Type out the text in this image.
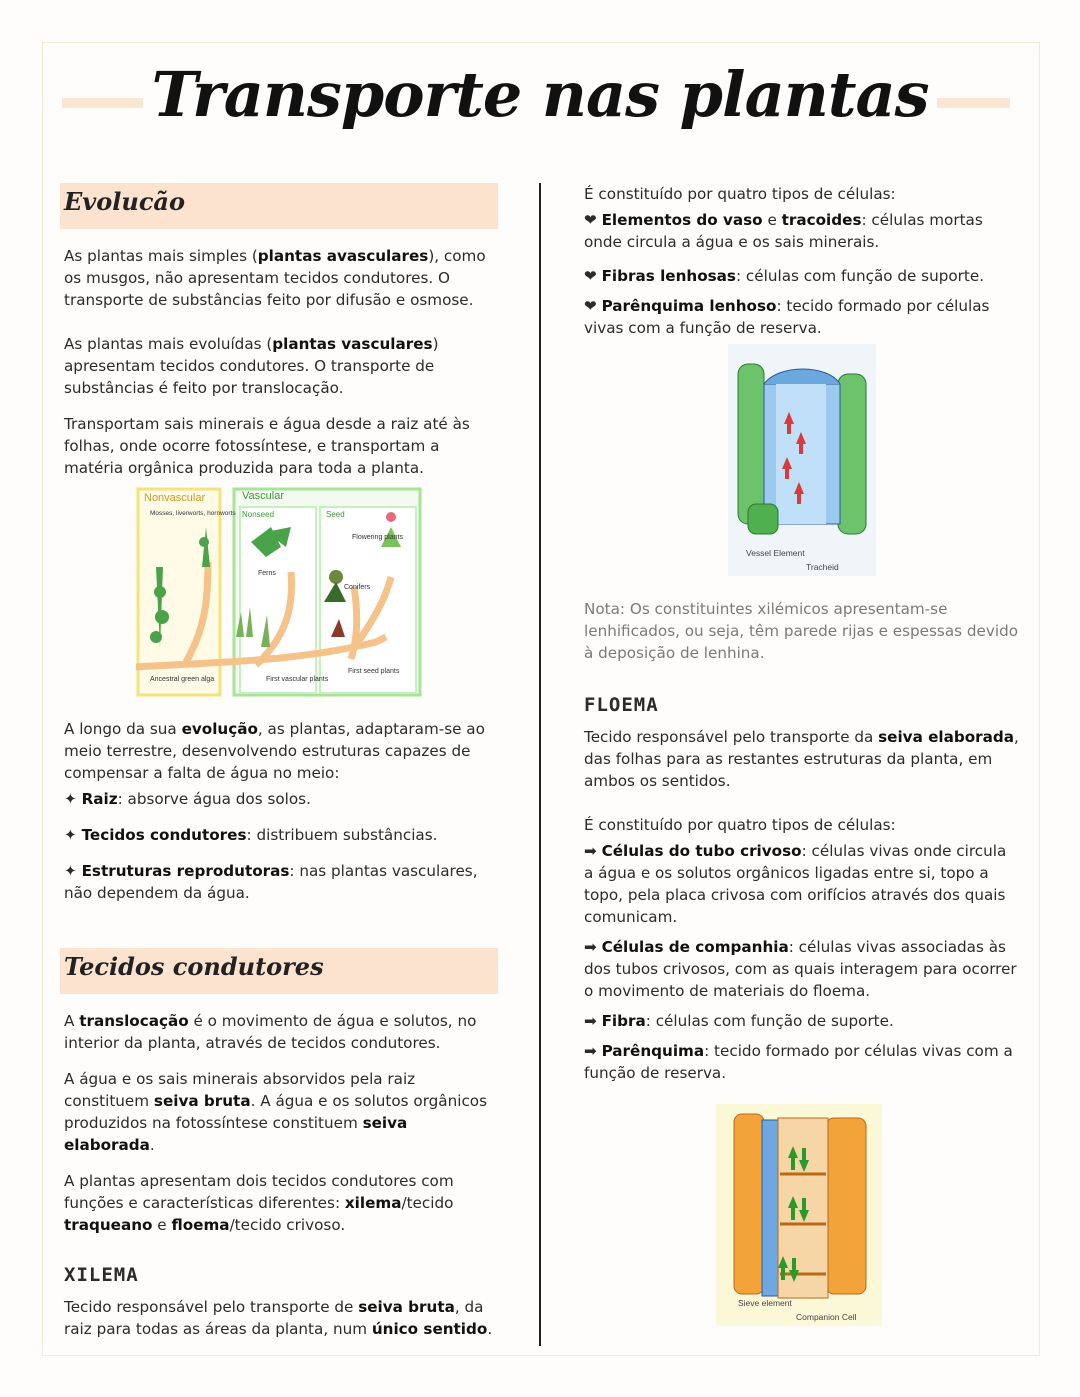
Transporte nas plantas
Evolucão

As plantas mais simples (plantas avasculares), como os musgos, não apresentam tecidos condutores. O transporte de substâncias feito por difusão e osmose.

As plantas mais evoluídas (plantas vasculares) apresentam tecidos condutores. O transporte de substâncias é feito por translocação.

Transportam sais minerais e água desde a raiz até às folhas, onde ocorre fotossíntese, e transportam a matéria orgânica produzida para toda a planta.

Nonvascular	Vascular
Nonseed	Seed
Mosses, liverworts, hornworts
Ferns
Conifers
Flowering plants
Ancestral green alga	First vascular plants
First seed plants

A longo da sua evolução, as plantas, adaptaram-se ao meio terrestre, desenvolvendo estruturas capazes de compensar a falta de água no meio:

✦ Raiz: absorve água dos solos.

✦ Tecidos condutores: distribuem substâncias.

✦ Estruturas reprodutoras: nas plantas vasculares, não dependem da água.

Tecidos condutores

A translocação é o movimento de água e solutos, no interior da planta, através de tecidos condutores.

A água e os sais minerais absorvidos pela raiz constituem seiva bruta. A água e os solutos orgânicos produzidos na fotossíntese constituem seiva elaborada.

A plantas apresentam dois tecidos condutores com funções e características diferentes: xilema/tecido traqueano e floema/tecido crivoso.

XILEMA

Tecido responsável pelo transporte de seiva bruta, da raiz para todas as áreas da planta, num único sentido.

É constituído por quatro tipos de células:

❤ Elementos do vaso e tracoides: células mortas onde circula a água e os sais minerais.

❤ Fibras lenhosas: células com função de suporte.

❤ Parênquima lenhoso: tecido formado por células vivas com a função de reserva.

Vessel Element
Tracheid

Nota: Os constituintes xilémicos apresentam-se lenhificados, ou seja, têm parede rijas e espessas devido à deposição de lenhina.

FLOEMA

Tecido responsável pelo transporte da seiva elaborada, das folhas para as restantes estruturas da planta, em ambos os sentidos.

É constituído por quatro tipos de células:

➡ Células do tubo crivoso: células vivas onde circula a água e os solutos orgânicos ligadas entre si, topo a topo, pela placa crivosa com orifícios através dos quais comunicam.

➡ Células de companhia: células vivas associadas às dos tubos crivosos, com as quais interagem para ocorrer o movimento de materiais do floema.

➡ Fibra: células com função de suporte.

➡ Parênquima: tecido formado por células vivas com a função de reserva.

Sieve element
Companion Cell
